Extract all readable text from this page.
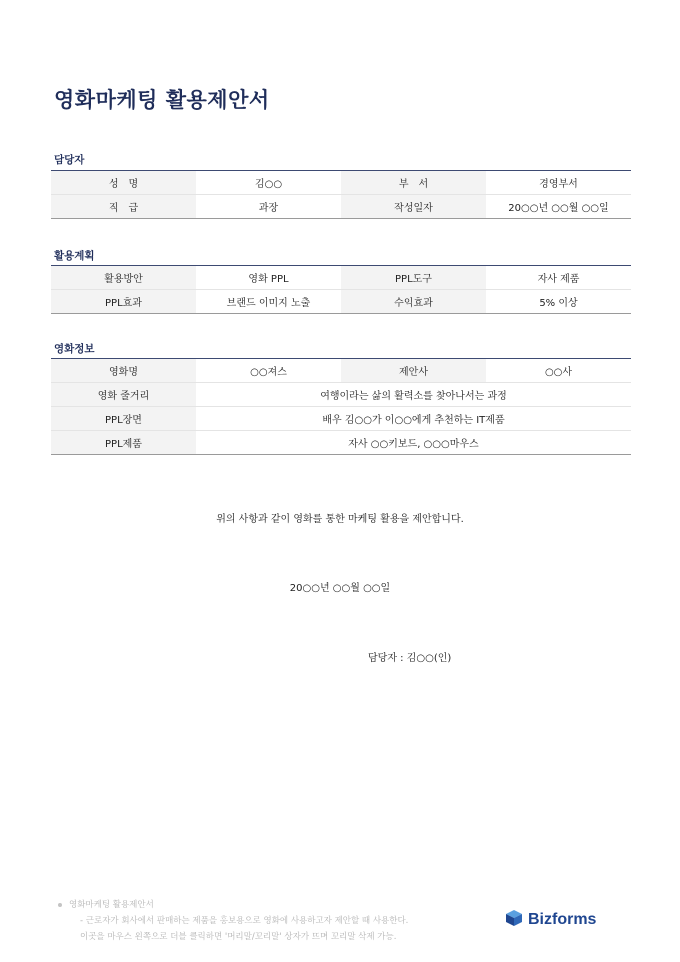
영화마케팅 활용제안서
담당자
성　명	김○○	부　서	경영부서
직　급	과장	작성일자	20○○년 ○○월 ○○일
활용계획
활용방안	영화 PPL	PPL도구	자사 제품
PPL효과	브랜드 이미지 노출	수익효과	5% 이상
영화정보
영화명	○○져스	제안사	○○사
영화 줄거리	여행이라는 삶의 활력소를 찾아나서는 과정		
PPL장면	배우 김○○가 이○○에게 추천하는 IT제품		
PPL제품	자사 ○○키보드, ○○○마우스		
위의 사항과 같이 영화를 통한 마케팅 활용을 제안합니다.
20○○년 ○○월 ○○일
담당자 : 김○○(인)
영화마케팅 활용제안서
- 근로자가 회사에서 판매하는 제품을 홍보용으로 영화에 사용하고자 제안할 때 사용한다.
이곳을 마우스 왼쪽으로 더블 클릭하면 '머리말/꼬리말' 상자가 뜨며 꼬리말 삭제 가능.
Bizforms
